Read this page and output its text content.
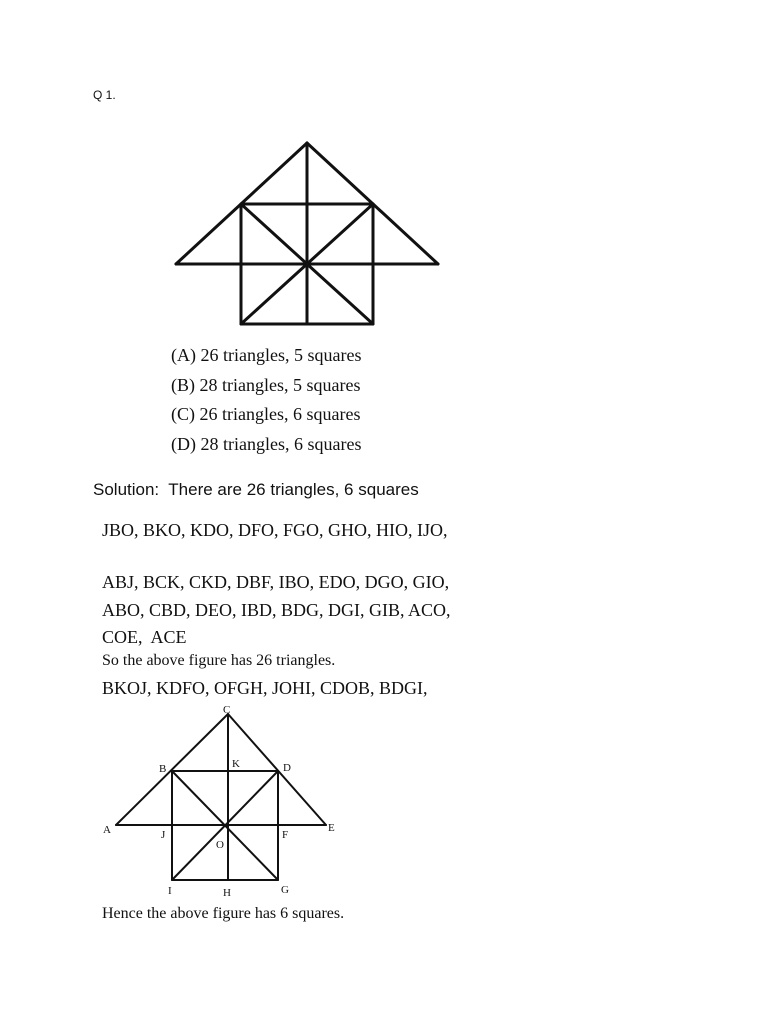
Q 1.
(A) 26 triangles, 5 squares
(B) 28 triangles, 5 squares
(C) 26 triangles, 6 squares
(D) 28 triangles, 6 squares
Solution:  There are 26 triangles, 6 squares
JBO, BKO, KDO, DFO, FGO, GHO, HIO, IJO,
ABJ, BCK, CKD, DBF, IBO, EDO, DGO, GIO,
ABO, CBD, DEO, IBD, BDG, DGI, GIB, ACO,
COE,  ACE
So the above figure has 26 triangles.
BKOJ, KDFO, OFGH, JOHI, CDOB, BDGI,
C
B	K	D
A	J
O
F
E
I	H	G
Hence the above figure has 6 squares.
